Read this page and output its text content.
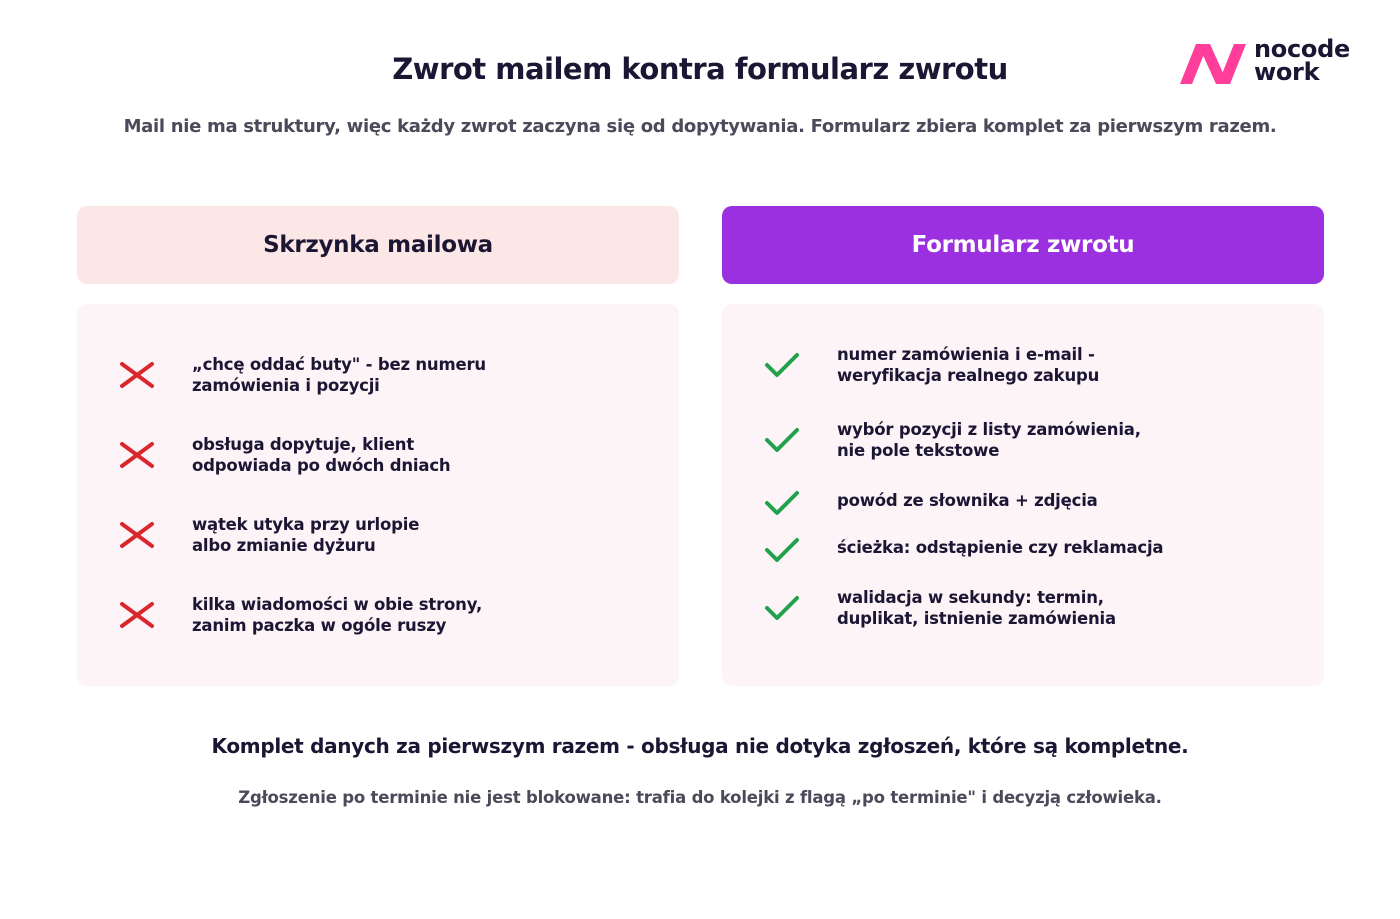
Zwrot mailem kontra formularz zwrotu
Mail nie ma struktury, więc każdy zwrot zaczyna się od dopytywania. Formularz zbiera komplet za pierwszym razem.
nocode
work
Skrzynka mailowa	Formularz zwrotu
„chcę oddać buty" - bez numeru
zamówienia i pozycji
obsługa dopytuje, klient
odpowiada po dwóch dniach
wątek utyka przy urlopie
albo zmianie dyżuru
kilka wiadomości w obie strony,
zanim paczka w ogóle ruszy
numer zamówienia i e-mail -
weryfikacja realnego zakupu
wybór pozycji z listy zamówienia,
nie pole tekstowe
powód ze słownika + zdjęcia
ścieżka: odstąpienie czy reklamacja
walidacja w sekundy: termin,
duplikat, istnienie zamówienia
Komplet danych za pierwszym razem - obsługa nie dotyka zgłoszeń, które są kompletne.
Zgłoszenie po terminie nie jest blokowane: trafia do kolejki z flagą „po terminie" i decyzją człowieka.
